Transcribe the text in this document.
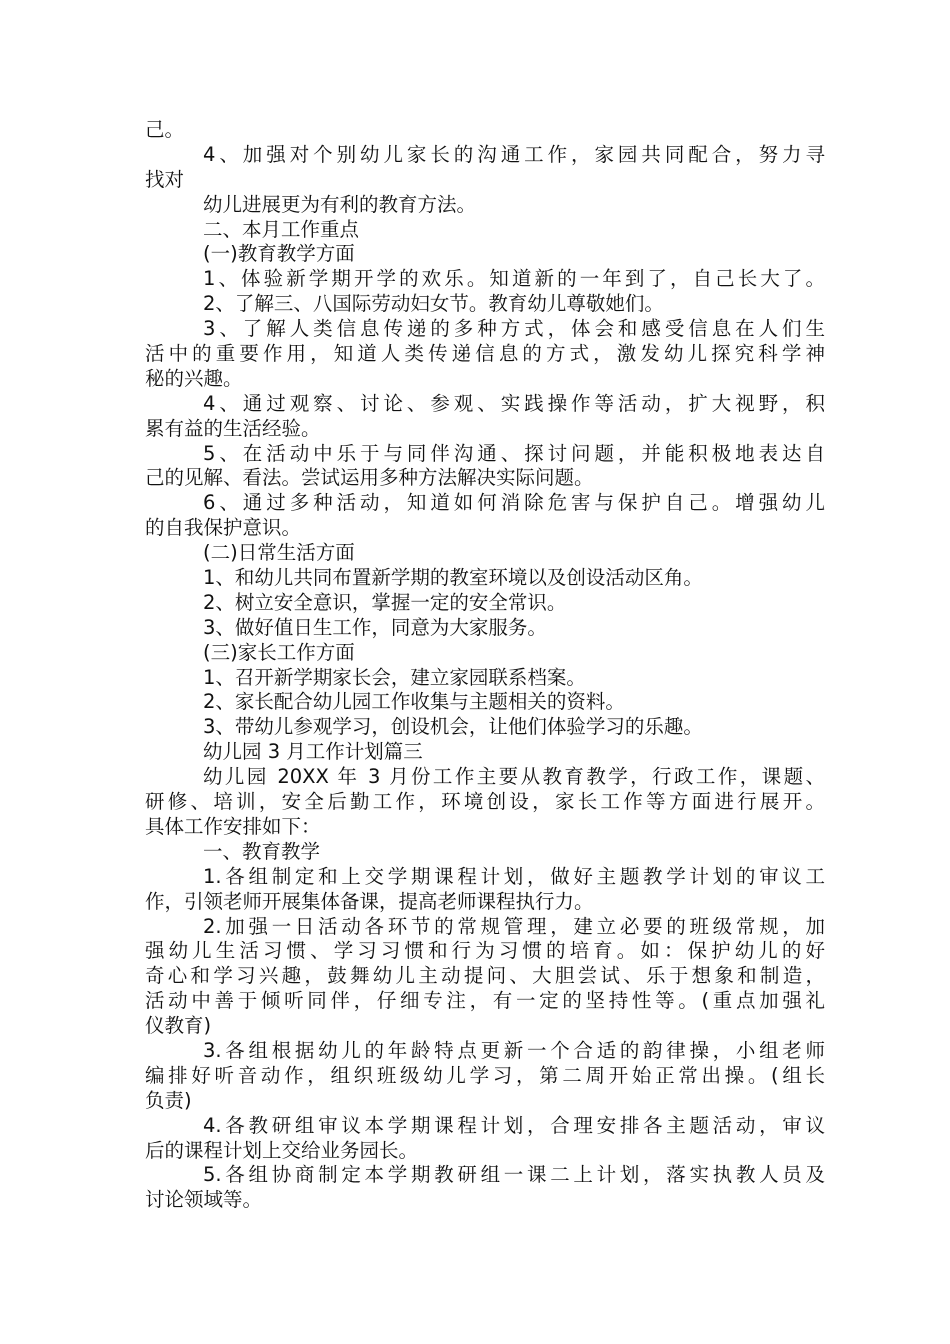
己。

4、加强对个别幼儿家长的沟通工作，家园共同配合，努力寻

找对

幼儿进展更为有利的教育方法。

二、本月工作重点

(一)教育教学方面

1、体验新学期开学的欢乐。知道新的一年到了，自己长大了。

2、了解三、八国际劳动妇女节。教育幼儿尊敬她们。

3、了解人类信息传递的多种方式，体会和感受信息在人们生

活中的重要作用，知道人类传递信息的方式，激发幼儿探究科学神

秘的兴趣。

4、通过观察、讨论、参观、实践操作等活动，扩大视野，积

累有益的生活经验。

5、在活动中乐于与同伴沟通、探讨问题，并能积极地表达自

己的见解、看法。尝试运用多种方法解决实际问题。

6、通过多种活动，知道如何消除危害与保护自己。增强幼儿

的自我保护意识。

(二)日常生活方面

1、和幼儿共同布置新学期的教室环境以及创设活动区角。

2、树立安全意识，掌握一定的安全常识。

3、做好值日生工作，同意为大家服务。

(三)家长工作方面

1、召开新学期家长会，建立家园联系档案。

2、家长配合幼儿园工作收集与主题相关的资料。

3、带幼儿参观学习，创设机会，让他们体验学习的乐趣。

幼儿园 3 月工作计划篇三

幼儿园 20XX 年 3 月份工作主要从教育教学，行政工作，课题、

研修、培训，安全后勤工作，环境创设，家长工作等方面进行展开。

具体工作安排如下：

一、教育教学

1.各组制定和上交学期课程计划，做好主题教学计划的审议工

作，引领老师开展集体备课，提高老师课程执行力。

2.加强一日活动各环节的常规管理，建立必要的班级常规，加

强幼儿生活习惯、学习习惯和行为习惯的培育。如：保护幼儿的好

奇心和学习兴趣，鼓舞幼儿主动提问、大胆尝试、乐于想象和制造，

活动中善于倾听同伴，仔细专注，有一定的坚持性等。(重点加强礼

仪教育)

3.各组根据幼儿的年龄特点更新一个合适的韵律操，小组老师

编排好听音动作，组织班级幼儿学习，第二周开始正常出操。(组长

负责)

4.各教研组审议本学期课程计划，合理安排各主题活动，审议

后的课程计划上交给业务园长。

5.各组协商制定本学期教研组一课二上计划，落实执教人员及

讨论领域等。
